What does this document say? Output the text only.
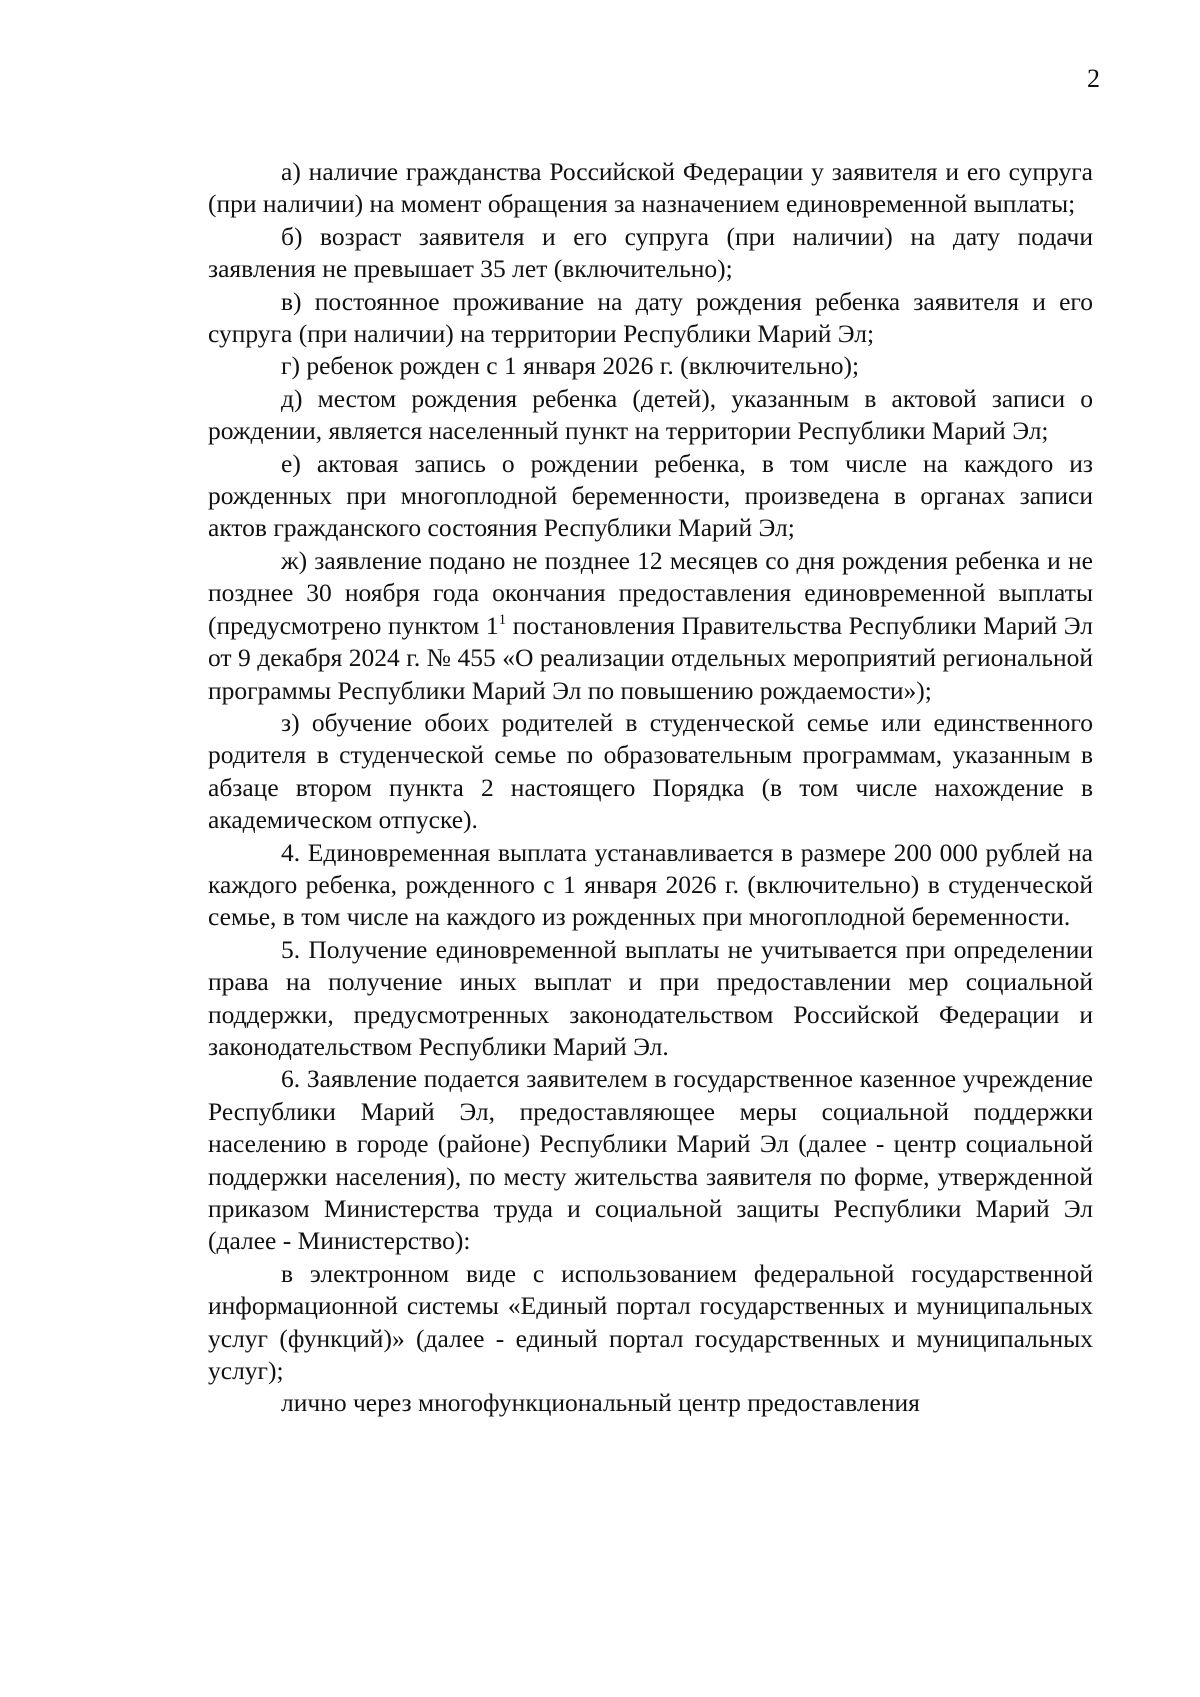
2

а) наличие гражданства Российской Федерации у заявителя и его супруга (при наличии) на момент обращения за назначением единовременной выплаты;

б) возраст заявителя и его супруга (при наличии) на дату подачи заявления не превышает 35 лет (включительно);

в) постоянное проживание на дату рождения ребенка заявителя и его супруга (при наличии) на территории Республики Марий Эл;

г) ребенок рожден с 1 января 2026 г. (включительно);

д) местом рождения ребенка (детей), указанным в актовой записи о рождении, является населенный пункт на территории Республики Марий Эл;

е) актовая запись о рождении ребенка, в том числе на каждого из рожденных при многоплодной беременности, произведена в органах записи актов гражданского состояния Республики Марий Эл;

ж) заявление подано не позднее 12 месяцев со дня рождения ребенка и не позднее 30 ноября года окончания предоставления единовременной выплаты (предусмотрено пунктом $1^1$ постановления Правительства Республики Марий Эл от 9 декабря 2024 г. № 455 «О реализации отдельных мероприятий региональной программы Республики Марий Эл по повышению рождаемости»);

з) обучение обоих родителей в студенческой семье или единственного родителя в студенческой семье по образовательным программам, указанным в абзаце втором пункта 2 настоящего Порядка (в том числе нахождение в академическом отпуске).

4. Единовременная выплата устанавливается в размере 200 000 рублей на каждого ребенка, рожденного с 1 января 2026 г. (включительно) в студенческой семье, в том числе на каждого из рожденных при многоплодной беременности.

5. Получение единовременной выплаты не учитывается при определении права на получение иных выплат и при предоставлении мер социальной поддержки, предусмотренных законодательством Российской Федерации и законодательством Республики Марий Эл.

6. Заявление подается заявителем в государственное казенное учреждение Республики Марий Эл, предоставляющее меры социальной поддержки населению в городе (районе) Республики Марий Эл (далее - центр социальной поддержки населения), по месту жительства заявителя по форме, утвержденной приказом Министерства труда и социальной защиты Республики Марий Эл (далее - Министерство):

в электронном виде с использованием федеральной государственной информационной системы «Единый портал государственных и муниципальных услуг (функций)» (далее - единый портал государственных и муниципальных услуг);

лично через многофункциональный центр предоставления
